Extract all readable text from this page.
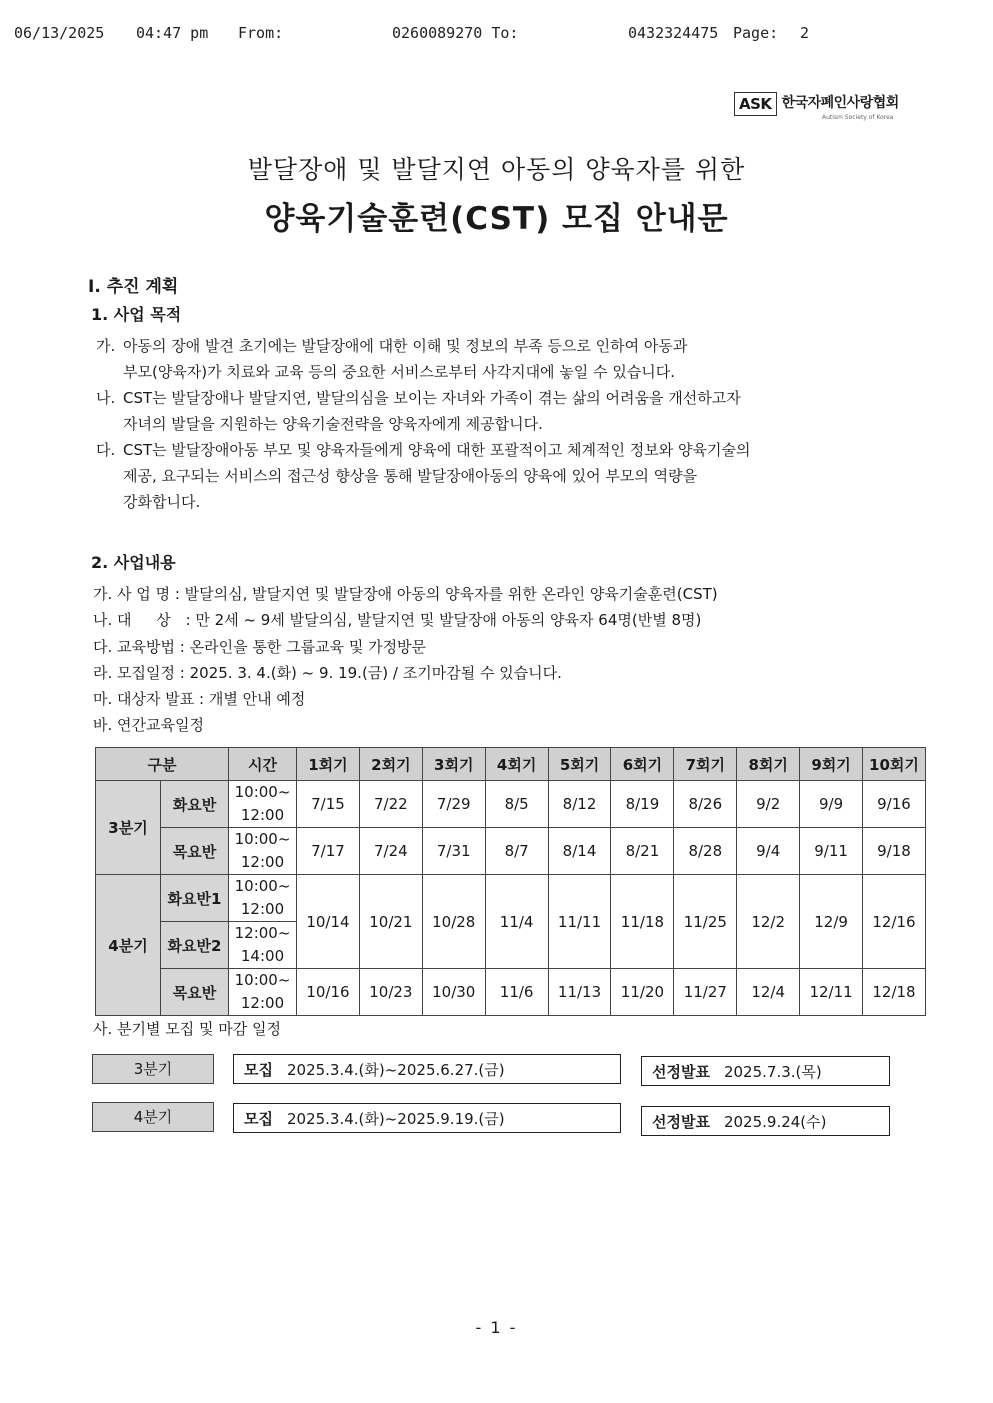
06/13/2025 04:47 pm From:	0260089270 To:	0432324475 Page: 2
ASK 한국자폐인사랑협회
Autism Society of Korea
발달장애 및 발달지연 아동의 양육자를 위한
양육기술훈련(CST) 모집 안내문
Ⅰ. 추진 계획
1. 사업 목적
가. 아동의 장애 발견 초기에는 발달장애에 대한 이해 및 정보의 부족 등으로 인하여 아동과
부모(양육자)가 치료와 교육 등의 중요한 서비스로부터 사각지대에 놓일 수 있습니다.
나. CST는 발달장애나 발달지연, 발달의심을 보이는 자녀와 가족이 겪는 삶의 어려움을 개선하고자
자녀의 발달을 지원하는 양육기술전략을 양육자에게 제공합니다.
다. CST는 발달장애아동 부모 및 양육자들에게 양육에 대한 포괄적이고 체계적인 정보와 양육기술의
제공, 요구되는 서비스의 접근성 향상을 통해 발달장애아동의 양육에 있어 부모의 역량을
강화합니다.
2. 사업내용
가. 사 업 명 : 발달의심, 발달지연 및 발달장애 아동의 양육자를 위한 온라인 양육기술훈련(CST)
나. 대 상 : 만 2세 ~ 9세 발달의심, 발달지연 및 발달장애 아동의 양육자 64명(반별 8명)
다. 교육방법 : 온라인을 통한 그룹교육 및 가정방문
라. 모집일정 : 2025. 3. 4.(화) ~ 9. 19.(금) / 조기마감될 수 있습니다.
마. 대상자 발표 : 개별 안내 예정
바. 연간교육일정
구분		시간	1회기	2회기	3회기	4회기	5회기	6회기	7회기	8회기	9회기	10회기
3분기	화요반	10:00~
12:00	7/15	7/22	7/29	8/5	8/12	8/19	8/26	9/2	9/9	9/16
	목요반	10:00~
12:00	7/17	7/24	7/31	8/7	8/14	8/21	8/28	9/4	9/11	9/18
4분기	화요반1	10:00~
12:00	10/14	10/21	10/28	11/4	11/11	11/18	11/25	12/2	12/9	12/16
	화요반2	12:00~
14:00										
	목요반	10:00~
12:00	10/16	10/23	10/30	11/6	11/13	11/20	11/27	12/4	12/11	12/18
사. 분기별 모집 및 마감 일정
3분기	모집 2025.3.4.(화)~2025.6.27.(금)	선정발표 2025.7.3.(목)
4분기	모집 2025.3.4.(화)~2025.9.19.(금)	선정발표 2025.9.24(수)
- 1 -
